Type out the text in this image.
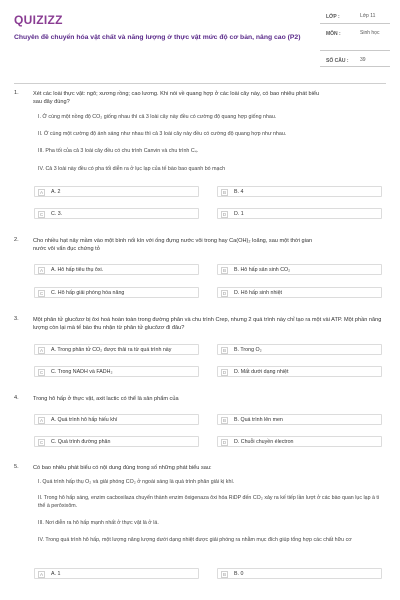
QUIZIZZ
Chuyên đề chuyển hóa vật chất và năng lượng ở thực vật mức độ cơ bản, nâng cao (P2)
LỚP :	Lớp 11
MÔN :	Sinh học
SỐ CÂU : 39
1.	Xét các loài thực vật: ngô; xương rồng; cao lương. Khi nói về quang hợp ở các loài cây này, có bao nhiêu phát biểu sau đây đúng?
I. Ở cùng một nồng độ CO₂ giống nhau thì cả 3 loài cây này đều có cường độ quang hợp giống nhau.
II. Ở cùng một cường độ ánh sáng như nhau thì cả 3 loài cây này đều có cường độ quang hợp như nhau.
III. Pha tối của cả 3 loài cây đều có chu trình Canvin và chu trình C₄.
IV. Cả 3 loài này đều có pha tối diễn ra ở lục lạp của tế bào bao quanh bó mạch
A	A. 2	B	B. 4
C	C. 3.	D	D. 1
2.	Cho nhiều hạt nảy mầm vào một bình nối kín với ống đựng nước vôi trong hay Ca(OH)₂ loãng, sau một thời gian nước vôi vẩn đục chứng tỏ
A	A. Hô hấp tiêu thụ ôxi.	B	B. Hô hấp sản sinh CO₂
C	C. Hô hấp giải phóng hóa năng	D	D. Hô hấp sinh nhiệt
3.	Một phân tử glucôzơ bị ôxi hoá hoàn toàn trong đường phân và chu trình Crep, nhưng 2 quá trình này chỉ tạo ra một vài ATP. Một phần năng lượng còn lại mà tế bào thu nhận từ phân tử glucôzơ đi đâu?
A	A. Trong phân tử CO₂ được thải ra từ quá trình này	B	B. Trong O₂
C	C. Trong NADH và FADH₂	D	D. Mất dưới dạng nhiệt
4.	Trong hô hấp ở thực vật, axit lactic có thể là sản phẩm của
A	A. Quá trình hô hấp hiếu khí	B	B. Quá trình lên men
C	C. Quá trình đường phân	D	D. Chuỗi chuyền électron
5.	Có bao nhiêu phát biểu có nội dung đúng trong số những phát biểu sau:
I. Quá trình hấp thụ O₂ và giải phóng CO₂ ở ngoài sáng là quá trình phân giải kị khí.
II. Trong hô hấp sáng, enzim cacboxilaza chuyển thành enzim ôxigenaza ôxi hóa RiDP đến CO₂ xảy ra kế tiếp lần lượt ở các bào quan lục lạp à ti thể à perôxixôm.
III. Nơi diễn ra hô hấp mạnh nhất ở thực vật là ở lá.
IV. Trong quá trình hô hấp, một lượng năng lượng dưới dạng nhiệt được giải phóng ra nhằm mục đích giúp tổng hợp các chất hữu cơ
A	A. 1	B	B. 0
